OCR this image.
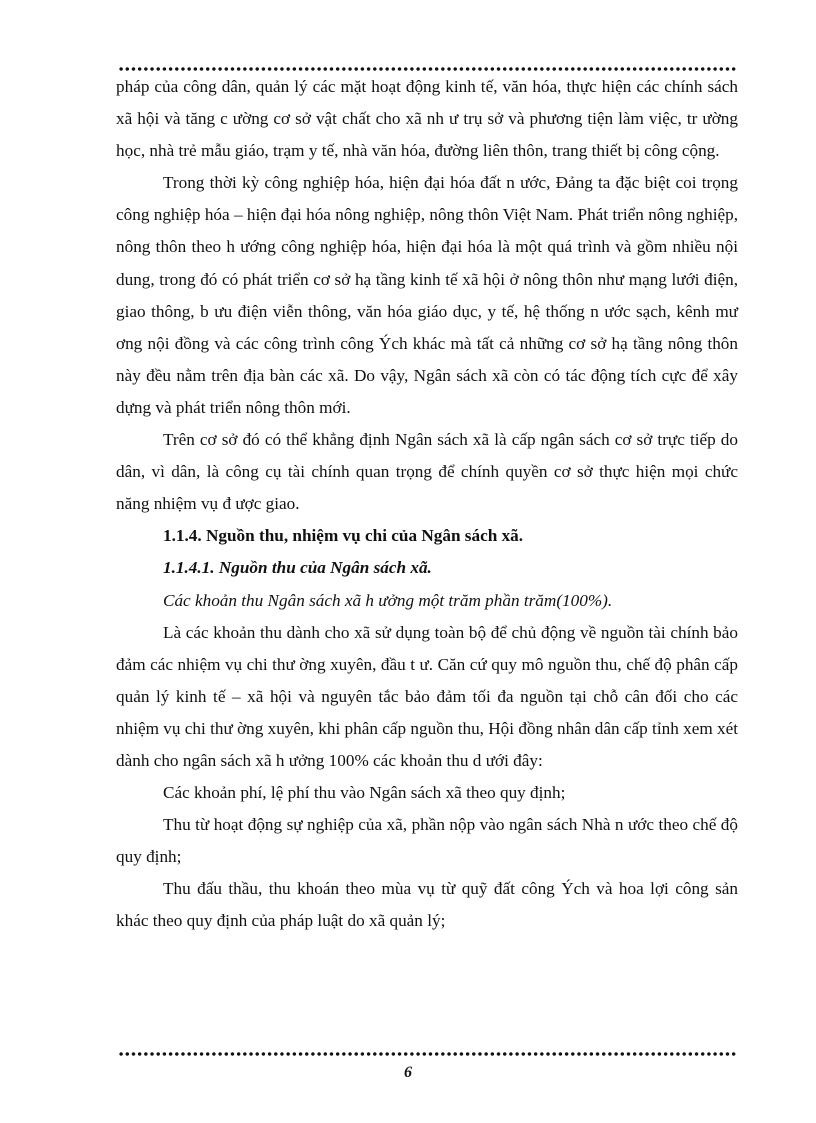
pháp của công dân, quản lý các mặt hoạt động kinh tế, văn hóa, thực hiện các chính sách xã hội và tăng c ường cơ sở vật chất cho xã nh ư trụ sở và phương tiện làm việc, tr ường học, nhà trẻ mẫu giáo, trạm y tế, nhà văn hóa, đường liên thôn, trang thiết bị công cộng.

Trong thời kỳ công nghiệp hóa, hiện đại hóa đất n ước, Đảng ta đặc biệt coi trọng công nghiệp hóa – hiện đại hóa nông nghiệp, nông thôn Việt Nam. Phát triển nông nghiệp, nông thôn theo h ướng công nghiệp hóa, hiện đại hóa là một quá trình và gồm nhiều nội dung, trong đó có phát triển cơ sở hạ tầng kinh tế xã hội ở nông thôn như mạng lưới điện, giao thông, b ưu điện viễn thông, văn hóa giáo dục, y tế, hệ thống n ước sạch, kênh mư ơng nội đồng và các công trình công Ých khác mà tất cả những cơ sở hạ tầng nông thôn này đều nằm trên địa bàn các xã. Do vậy, Ngân sách xã còn có tác động tích cực để xây dựng và phát triển nông thôn mới.

Trên cơ sở đó có thể khẳng định Ngân sách xã là cấp ngân sách cơ sở trực tiếp do dân, vì dân, là công cụ tài chính quan trọng để chính quyền cơ sở thực hiện mọi chức năng nhiệm vụ đ ược giao.

1.1.4. Nguồn thu, nhiệm vụ chi của Ngân sách xã.

1.1.4.1. Nguồn thu của Ngân sách xã.

Các khoản thu Ngân sách xã h ưởng một trăm phần trăm(100%).

Là các khoản thu dành cho xã sử dụng toàn bộ để chủ động về nguồn tài chính bảo đảm các nhiệm vụ chi thư ờng xuyên, đầu t ư. Căn cứ quy mô nguồn thu, chế độ phân cấp quản lý kinh tế – xã hội và nguyên tắc bảo đảm tối đa nguồn tại chỗ cân đối cho các nhiệm vụ chi thư ờng xuyên, khi phân cấp nguồn thu, Hội đồng nhân dân cấp tỉnh xem xét dành cho ngân sách xã h ưởng 100% các khoản thu d ưới đây:

Các khoản phí, lệ phí thu vào Ngân sách xã theo quy định;

Thu từ hoạt động sự nghiệp của xã, phần nộp vào ngân sách Nhà n ước theo chế độ quy định;

Thu đấu thầu, thu khoán theo mùa vụ từ quỹ đất công Ých và hoa lợi công sản khác theo quy định của pháp luật do xã quản lý;

6
